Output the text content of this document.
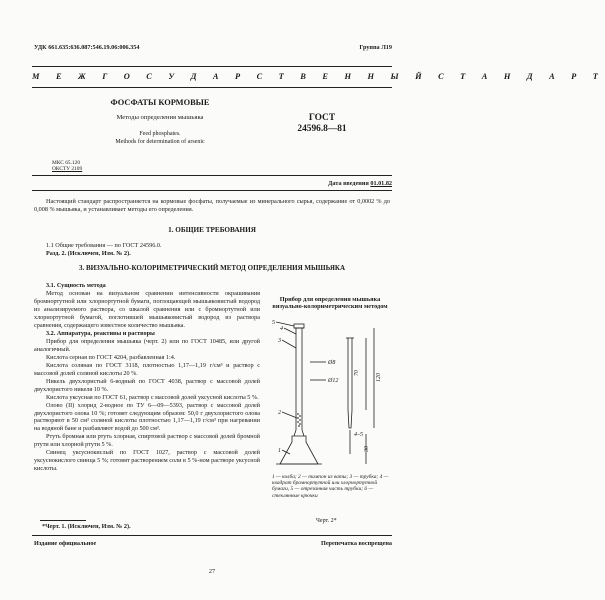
УДК 661.635:636.087:546.19.06:006.354	Группа Л19
М Е Ж Г О С У Д А Р С Т В Е Н Н Ы Й С Т А Н Д А Р Т
ФОСФАТЫ КОРМОВЫЕ
Методы определения мышьяка
Feed phosphates.
Methods for determination of arsenic
ГОСТ
24596.8—81
МКС 65.120
ОКСТУ 2109
Дата введения 01.01.82
Настоящий стандарт распространяется на кормовые фосфаты, получаемые из минерального сырья, содержание от 0,0002 % до 0,008 % мышьяка, и устанавливает методы его определения.
1. ОБЩИЕ ТРЕБОВАНИЯ
1.1 Общие требования — по ГОСТ 24596.0.
Разд. 2. (Исключен, Изм. № 2).
3. ВИЗУАЛЬНО-КОЛОРИМЕТРИЧЕСКИЙ МЕТОД ОПРЕДЕЛЕНИЯ МЫШЬЯКА
3.1. Сущность метода
Метод основан на визуальном сравнении интенсивности окрашивания бромнортутной или хлорнортутной бумаги, поглощающей мышьяковистый водород из анализируемого раствора, со шкалой сравнения или с бромнортутной или хлорнортутной бумагой, поглотившей мышьяковистый водород из раствора сравнения, содержащего известное количество мышьяка.
3.2. Аппаратура, реактивы и растворы
Прибор для определения мышьяка (черт. 2) или по ГОСТ 10485, или другой аналогичный.
Кислота серная по ГОСТ 4204, разбавленная 1:4.
Кислота соляная по ГОСТ 3118, плотностью 1,17—1,19 г/см³ и раствор с массовой долей соляной кислоты 20 %.
Никель двухлористый 6-водный по ГОСТ 4038, раствор с массовой долей двухлористого никеля 10 %.
Кислота уксусная по ГОСТ 61, раствор с массовой долей уксусной кислоты 5 %.
Олово (II) хлорид 2-водное по ТУ 6—09—5393, раствор с массовой долей двухлористого олова 10 %; готовят следующим образом: 50,0 г двухлористого олова растворяют в 50 см³ соляной кислоты плотностью 1,17—1,19 г/см³ при нагревании на водяной бане и разбавляют водой до 500 см³.
Ртуть бромная или ртуть хлорная, спиртовой раствор с массовой долей бромной ртути или хлорной ртути 5 %.
Свинец уксуснокислый по ГОСТ 1027, раствор с массовой долей уксуснокислого свинца 5 %; готовят растворением соли в 5 %-ном растворе уксусной кислоты.
Прибор для определения мышьяка визуально-колориметрическим методом
5
4
3
2
1
Ø8
Ø12
70	120
4–5
30
1 — колба; 2 — тампон из ваты; 3 — трубка; 4 — квадрат бромнортутной или хлорнортутной бумаги, 5 — отрезанная часть трубки; 6 — стеклянные крючки
Черт. 2*
*Черт. 1. (Исключен, Изм. № 2).
Издание официальное	Перепечатка воспрещена
27
